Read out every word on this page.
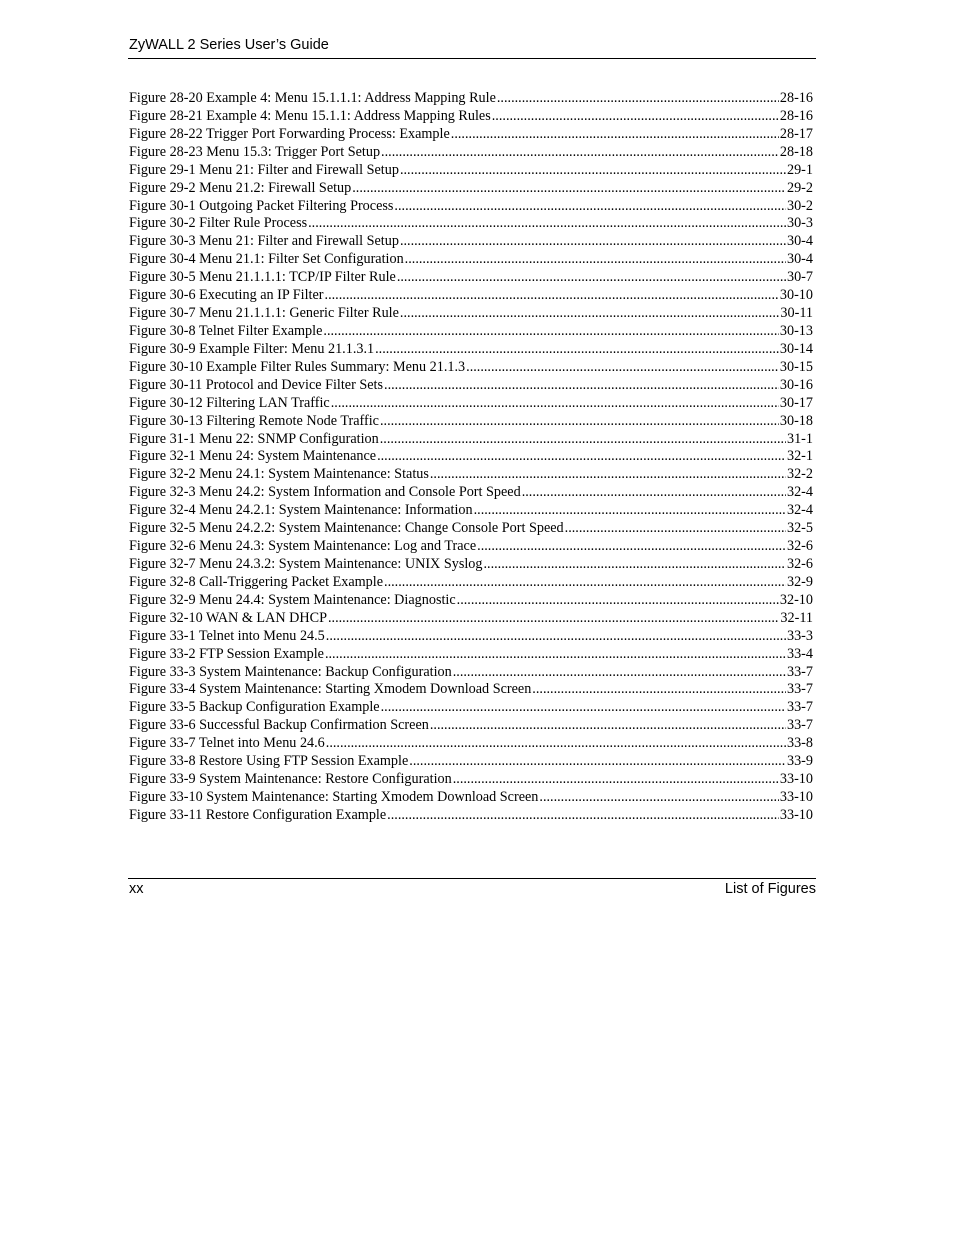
ZyWALL 2 Series User’s Guide
Figure 28-20 Example 4: Menu 15.1.1.1: Address Mapping Rule .....	28-16
Figure 28-21 Example 4: Menu 15.1.1: Address Mapping Rules .....	28-16
Figure 28-22 Trigger Port Forwarding Process: Example .....	28-17
Figure 28-23 Menu 15.3: Trigger Port Setup .....	28-18
Figure 29-1 Menu 21: Filter and Firewall Setup .....	29-1
Figure 29-2 Menu 21.2: Firewall Setup .....	29-2
Figure 30-1 Outgoing Packet Filtering Process .....	30-2
Figure 30-2 Filter Rule Process .....	30-3
Figure 30-3 Menu 21: Filter and Firewall Setup .....	30-4
Figure 30-4 Menu 21.1: Filter Set Configuration .....	30-4
Figure 30-5 Menu 21.1.1.1: TCP/IP Filter Rule .....	30-7
Figure 30-6 Executing an IP Filter .....	30-10
Figure 30-7 Menu 21.1.1.1: Generic Filter Rule .....	30-11
Figure 30-8 Telnet Filter Example .....	30-13
Figure 30-9 Example Filter: Menu 21.1.3.1 .....	30-14
Figure 30-10 Example Filter Rules Summary: Menu 21.1.3 .....	30-15
Figure 30-11 Protocol and Device Filter Sets .....	30-16
Figure 30-12 Filtering LAN Traffic .....	30-17
Figure 30-13 Filtering Remote Node Traffic .....	30-18
Figure 31-1 Menu 22: SNMP Configuration .....	31-1
Figure 32-1 Menu 24: System Maintenance .....	32-1
Figure 32-2 Menu 24.1: System Maintenance: Status .....	32-2
Figure 32-3 Menu 24.2: System Information and Console Port Speed .....	32-4
Figure 32-4 Menu 24.2.1: System Maintenance: Information .....	32-4
Figure 32-5 Menu 24.2.2: System Maintenance: Change Console Port Speed .....	32-5
Figure 32-6 Menu 24.3: System Maintenance: Log and Trace .....	32-6
Figure 32-7 Menu 24.3.2: System Maintenance: UNIX Syslog .....	32-6
Figure 32-8 Call-Triggering Packet Example .....	32-9
Figure 32-9 Menu 24.4: System Maintenance: Diagnostic .....	32-10
Figure 32-10 WAN & LAN DHCP .....	32-11
Figure 33-1 Telnet into Menu 24.5 .....	33-3
Figure 33-2 FTP Session Example .....	33-4
Figure 33-3 System Maintenance: Backup Configuration .....	33-7
Figure 33-4 System Maintenance: Starting Xmodem Download Screen .....	33-7
Figure 33-5 Backup Configuration Example .....	33-7
Figure 33-6 Successful Backup Confirmation Screen .....	33-7
Figure 33-7 Telnet into Menu 24.6 .....	33-8
Figure 33-8 Restore Using FTP Session Example .....	33-9
Figure 33-9 System Maintenance: Restore Configuration .....	33-10
Figure 33-10 System Maintenance: Starting Xmodem Download Screen .....	33-10
Figure 33-11 Restore Configuration Example .....	33-10
xx	List of Figures
